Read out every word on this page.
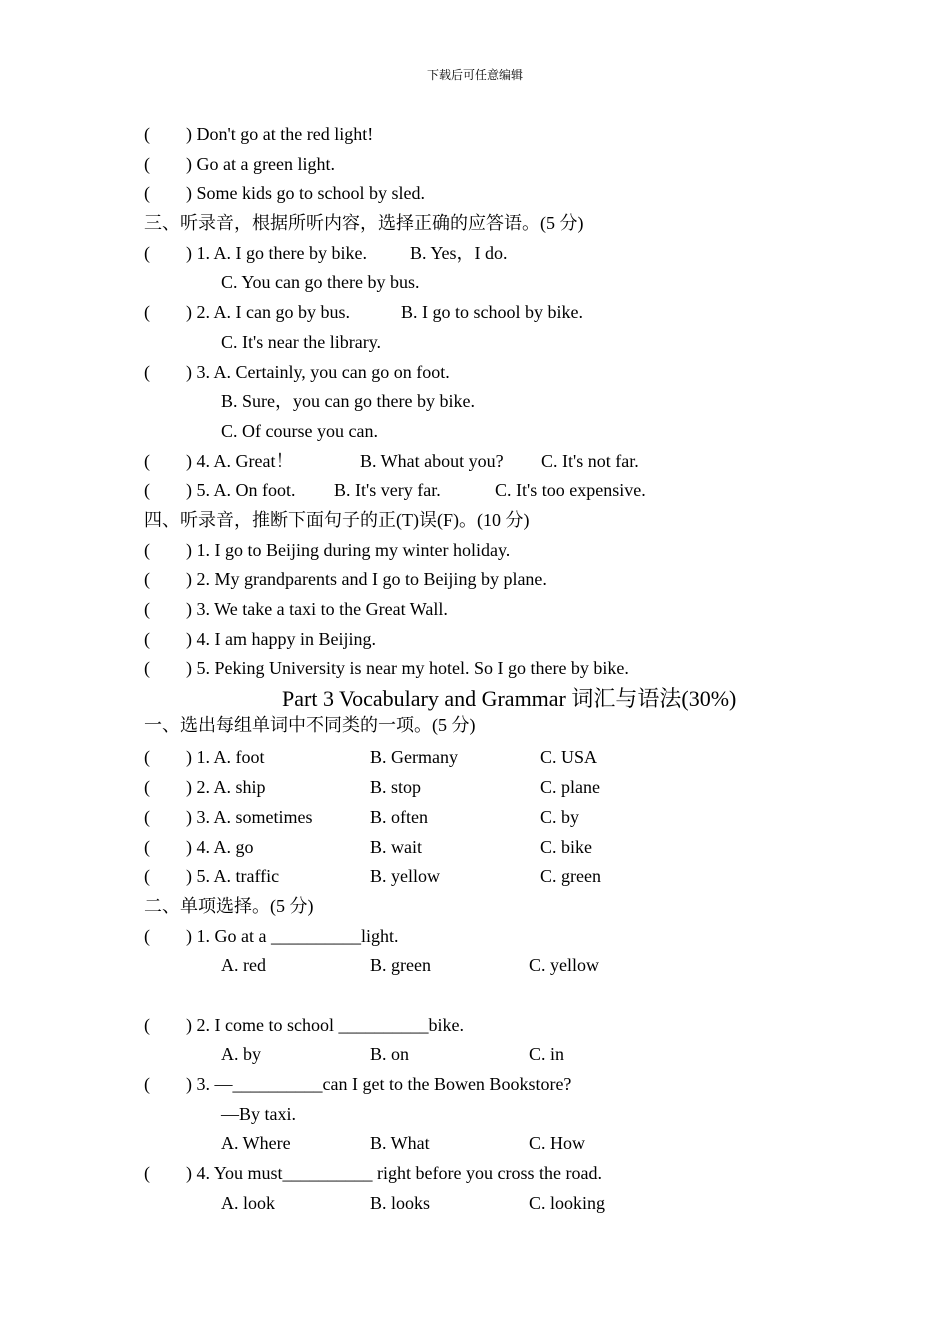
下载后可任意编辑
(        ) Don't go at the red light!
(        ) Go at a green light.
(        ) Some kids go to school by sled.
三、听录音，根据所听内容，选择正确的应答语。(5 分)

(        ) 1. A. I go there by bike.

B. Yes，I do.

C. You can go there by bus.

(        ) 2. A. I can go by bus.

	B. I go to school by bike.

C. It's near the library.
(        ) 3. A. Certainly, you can go on foot.
B. Sure，you can go there by bike.
C. Of course you can.

(        ) 4. A. Great！

	B. What about you?

C. It's not far.

(        ) 5. A. On foot.

B. It's very far.

	C. It's too expensive.

四、听录音，推断下面句子的正(T)误(F)。(10 分)
(        ) 1. I go to Beijing during my winter holiday.
(        ) 2. My grandparents and I go to Beijing by plane.
(        ) 3. We take a taxi to the Great Wall.
(        ) 4. I am happy in Beijing.
(        ) 5. Peking University is near my hotel. So I go there by bike.
Part 3 Vocabulary and Grammar 词汇与语法(30%)
一、选出每组单词中不同类的一项。(5 分)

(        ) 1. A. foot

	B. Germany

	C. USA

(        ) 2. A. ship

	B. stop

	C. plane

(        ) 3. A. sometimes

	B. often

	C. by

(        ) 4. A. go

	B. wait

	C. bike

(        ) 5. A. traffic

	B. yellow

	C. green

二、单项选择。(5 分)
(        ) 1. Go at a __________light.

A. red

	B. green

	C. yellow

(        ) 2. I come to school __________bike.

A. by

	B. on

	C. in

(        ) 3. —__________can I get to the Bowen Bookstore?
—By taxi.

A. Where

	B. What

	C. How

(        ) 4. You must__________ right before you cross the road.

A. look

	B. looks

	C. looking
